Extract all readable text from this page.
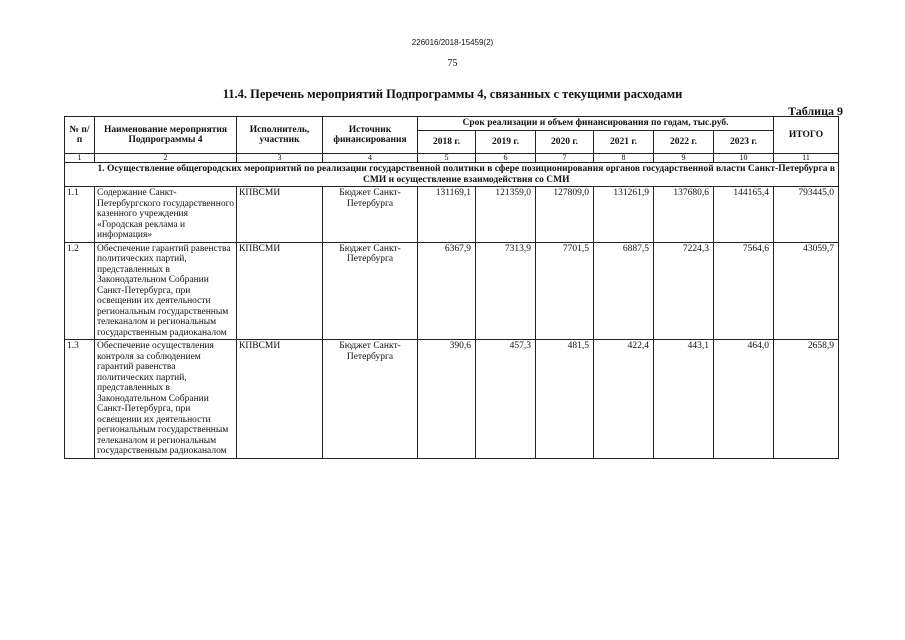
226016/2018-15459(2)
75
11.4. Перечень мероприятий Подпрограммы 4, связанных с текущими расходами
Таблица 9
№ п/п	Наименование мероприятия Подпрограммы 4	Исполнитель, участник	Источник финансирования	Срок реализации и объем финансирования по годам, тыс.руб.						ИТОГО
				2018 г.	2019 г.	2020 г.	2021 г.	2022 г.	2023 г.	
1	2	3	4	5	6	7	8	9	10	11
	1. Осуществление общегородских мероприятий по реализации государственной политики в сфере позиционирования органов государственной власти Санкт-Петербурга в СМИ и осуществление взаимодействия со СМИ									
1.1	Содержание Санкт-Петербургского государственного казенного учреждения «Городская реклама и информация»	КПВСМИ	Бюджет Санкт-Петербурга	131169,1	121359,0	127809,0	131261,9	137680,6	144165,4	793445,0
1.2	Обеспечение гарантий равенства политических партий, представленных в Законодательном Собрании Санкт-Петербурга, при освещении их деятельности региональным государственным телеканалом и региональным государственным радиоканалом	КПВСМИ	Бюджет Санкт-Петербурга	6367,9	7313,9	7701,5	6887,5	7224,3	7564,6	43059,7
1.3	Обеспечение осуществления контроля за соблюдением гарантий равенства политических партий, представленных в Законодательном Собрании Санкт-Петербурга, при освещении их деятельности региональным государственным телеканалом и региональным государственным радиоканалом	КПВСМИ	Бюджет Санкт-Петербурга	390,6	457,3	481,5	422,4	443,1	464,0	2658,9
